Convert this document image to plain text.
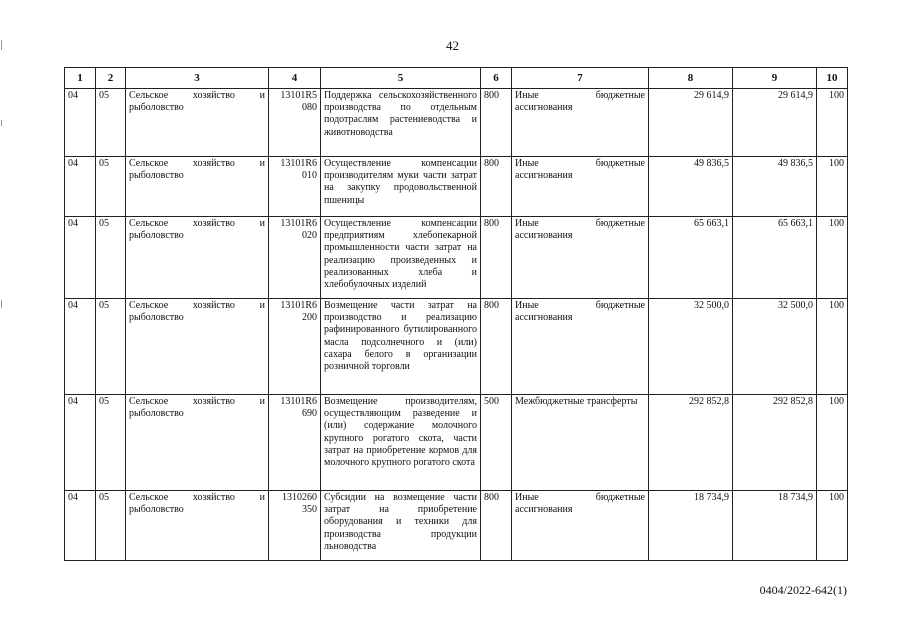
42
1	2	3	4	5	6	7	8	9	10
04	05	Сельское хозяйство и рыболовство	13101R5 080	Поддержка сельскохозяйственного производства по отдельным подотраслям растениеводства и животноводства	800	Иные бюджетные ассигнования	29 614,9	29 614,9	100
04	05	Сельское хозяйство и рыболовство	13101R6 010	Осуществление компенсации производителям муки части затрат на закупку продовольственной пшеницы	800	Иные бюджетные ассигнования	49 836,5	49 836,5	100
04	05	Сельское хозяйство и рыболовство	13101R6 020	Осуществление компенсации предприятиям хлебопекарной промышленности части затрат на реализацию произведенных и реализованных хлеба и хлебобулочных изделий	800	Иные бюджетные ассигнования	65 663,1	65 663,1	100
04	05	Сельское хозяйство и рыболовство	13101R6 200	Возмещение части затрат на производство и реализацию рафинированного бутилированного масла подсолнечного и (или) сахара белого в организации розничной торговли	800	Иные бюджетные ассигнования	32 500,0	32 500,0	100
04	05	Сельское хозяйство и рыболовство	13101R6 690	Возмещение производителям, осуществляющим разведение и (или) содержание молочного крупного рогатого скота, части затрат на приобретение кормов для молочного крупного рогатого скота	500	Межбюджетные трансферты	292 852,8	292 852,8	100
04	05	Сельское хозяйство и рыболовство	1310260 350	Субсидии на возмещение части затрат на приобретение оборудования и техники для производства продукции льноводства	800	Иные бюджетные ассигнования	18 734,9	18 734,9	100
0404/2022-642(1)
